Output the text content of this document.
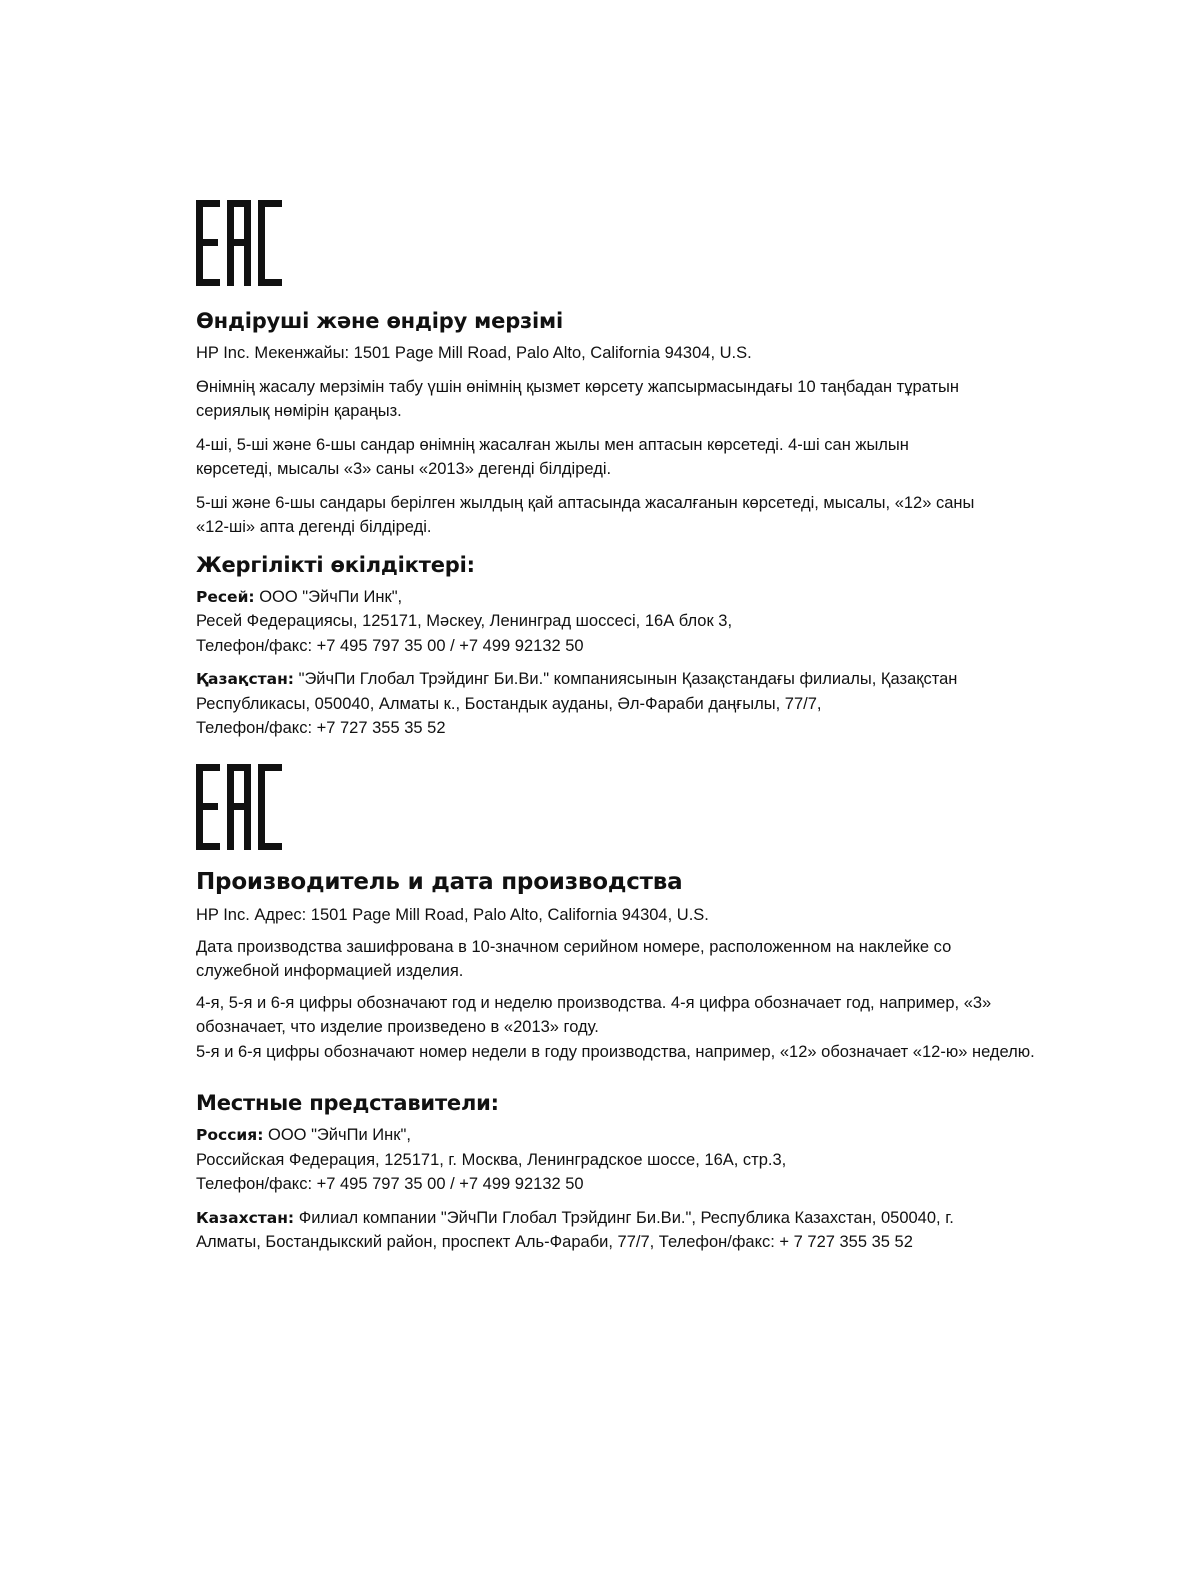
Өндіруші және өндіру мерзімі

HP Inc. Мекенжайы: 1501 Page Mill Road, Palo Alto, California 94304, U.S.

Өнімнің жасалу мерзімін табу үшін өнімнің қызмет көрсету жапсырмасындағы 10 таңбадан тұратын
сериялық нөмірін қараңыз.

4-ші, 5-ші және 6-шы сандар өнімнің жасалған жылы мен аптасын көрсетеді. 4-ші сан жылын
көрсетеді, мысалы «3» саны «2013» дегенді білдіреді.

5-ші және 6-шы сандары берілген жылдың қай аптасында жасалғанын көрсетеді, мысалы, «12» саны
«12-ші» апта дегенді білдіреді.

Жергілікті өкілдіктері:

Ресей: ООО "ЭйчПи Инк",
Ресей Федерациясы, 125171, Мәскеу, Ленинград шоссесі, 16А блок 3,
Телефон/факс: +7 495 797 35 00 / +7 499 92132 50

Қазақстан: "ЭйчПи Глобал Трэйдинг Би.Ви." компаниясынын Қазақстандағы филиалы, Қазақстан
Республикасы, 050040, Алматы к., Бостандык ауданы, Әл-Фараби даңғылы, 77/7,
Телефон/факс: +7 727 355 35 52

Производитель и дата производства

HP Inc. Адрес: 1501 Page Mill Road, Palo Alto, California 94304, U.S.

Дата производства зашифрована в 10-значном серийном номере, расположенном на наклейке со
служебной информацией изделия.

4-я, 5-я и 6-я цифры обозначают год и неделю производства. 4-я цифра обозначает год, например, «3»
обозначает, что изделие произведено в «2013» году.

5-я и 6-я цифры обозначают номер недели в году производства, например, «12» обозначает «12-ю» неделю.

Местные представители:

Россия: ООО "ЭйчПи Инк",
Российская Федерация, 125171, г. Москва, Ленинградское шоссе, 16А, стр.3,
Телефон/факс: +7 495 797 35 00 / +7 499 92132 50

Казахстан: Филиал компании "ЭйчПи Глобал Трэйдинг Би.Ви.", Республика Казахстан, 050040, г.
Алматы, Бостандыкский район, проспект Аль-Фараби, 77/7, Телефон/факс: + 7 727 355 35 52
